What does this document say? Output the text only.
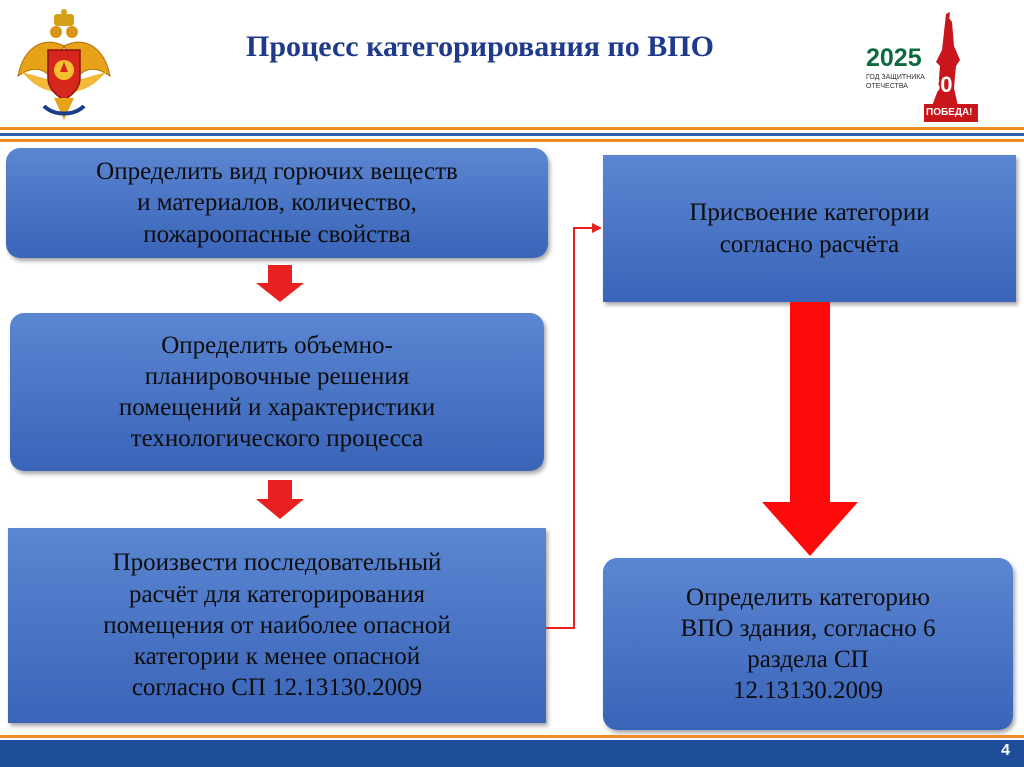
Процесс категорирования по ВПО	2025
ГОД ЗАЩИТНИКА
ОТЕЧЕСТВА 80
ПОБЕДА!
Определить вид горючих веществ
и материалов, количество,
пожароопасные свойства
Определить объемно-
планировочные решения
помещений и характеристики
технологического процесса
Произвести последовательный
расчёт для категорирования
помещения от наиболее опасной
категории к менее опасной
согласно СП 12.13130.2009
Присвоение категории
согласно расчёта
Определить категорию
ВПО здания, согласно 6
раздела СП
12.13130.2009
4
